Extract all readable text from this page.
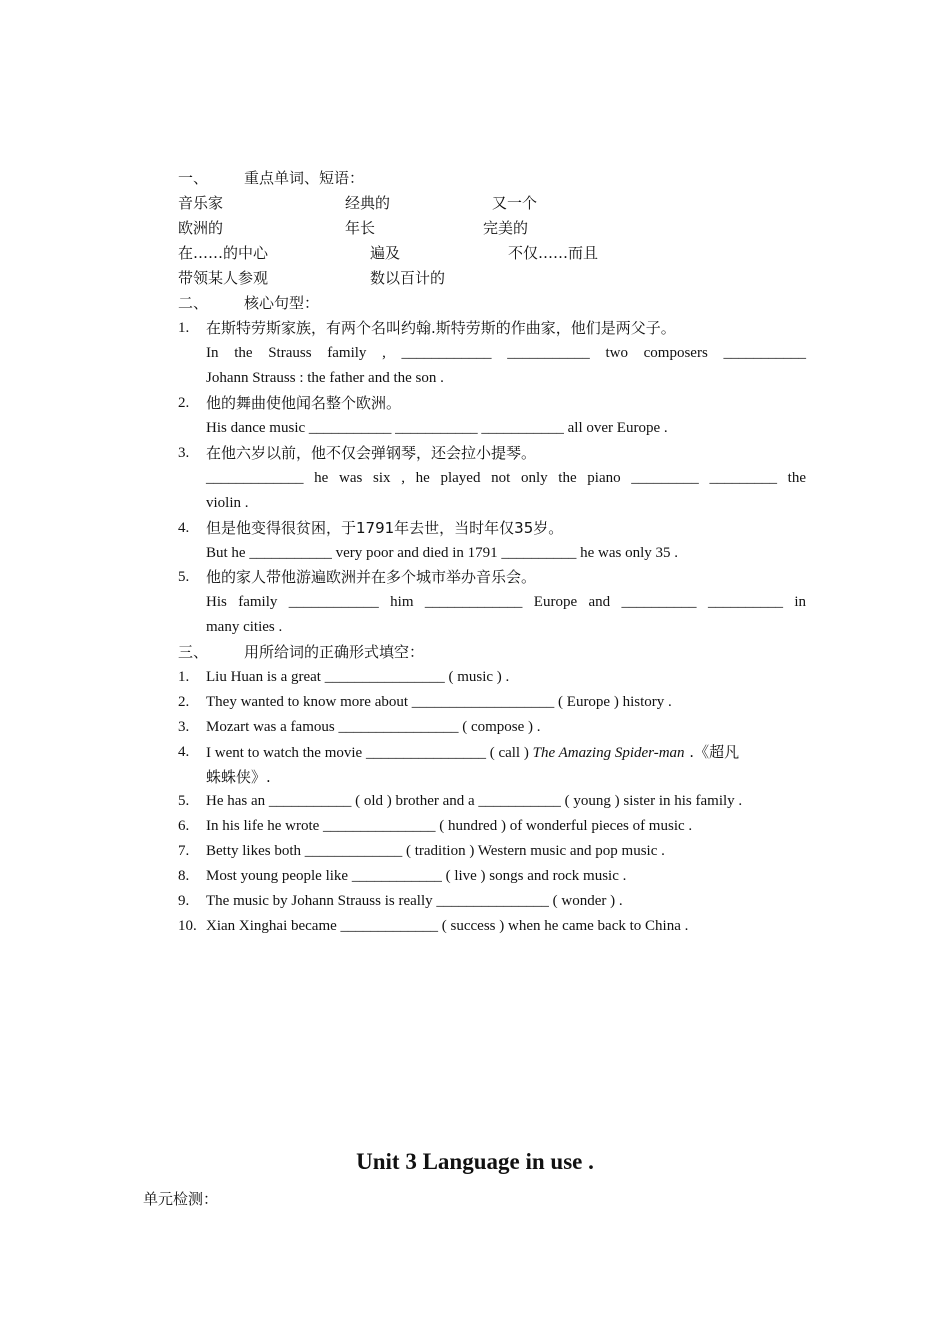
一、 重点单词、短语：
音乐家	经典的	又一个
欧洲的	年长	完美的
在……的中心	遍及	不仅……而且
带领某人参观	数以百计的
二、 核心句型：
1. 在斯特劳斯家族，有两个名叫约翰.斯特劳斯的作曲家，他们是两父子。
In the Strauss family , ____________ ___________ two composers ___________
Johann Strauss : the father and the son .
2. 他的舞曲使他闻名整个欧洲。
His dance music ___________ ___________ ___________ all over Europe .
3. 在他六岁以前，他不仅会弹钢琴，还会拉小提琴。
_____________ he was six , he played not only the piano _________ _________ the
violin .
4. 但是他变得很贫困，于1791年去世，当时年仅35岁。
But he ___________ very poor and died in 1791 __________ he was only 35 .
5. 他的家人带他游遍欧洲并在多个城市举办音乐会。
His family ____________ him _____________ Europe and __________ __________ in
many cities .
三、 用所给词的正确形式填空：
1. Liu Huan is a great ________________ ( music ) .
2. They wanted to know more about ___________________ ( Europe ) history .
3. Mozart was a famous ________________ ( compose ) .
4. I went to watch the movie ________________ ( call ) The Amazing Spider-man .《超凡
蛛蛛侠》.
5. He has an ___________ ( old ) brother and a ___________ ( young ) sister in his family .
6. In his life he wrote _______________ ( hundred ) of wonderful pieces of music .
7. Betty likes both _____________ ( tradition ) Western music and pop music .
8. Most young people like ____________ ( live ) songs and rock music .
9. The music by Johann Strauss is really _______________ ( wonder ) .
10. Xian Xinghai became _____________ ( success ) when he came back to China .
Unit 3 Language in use .
单元检测：
